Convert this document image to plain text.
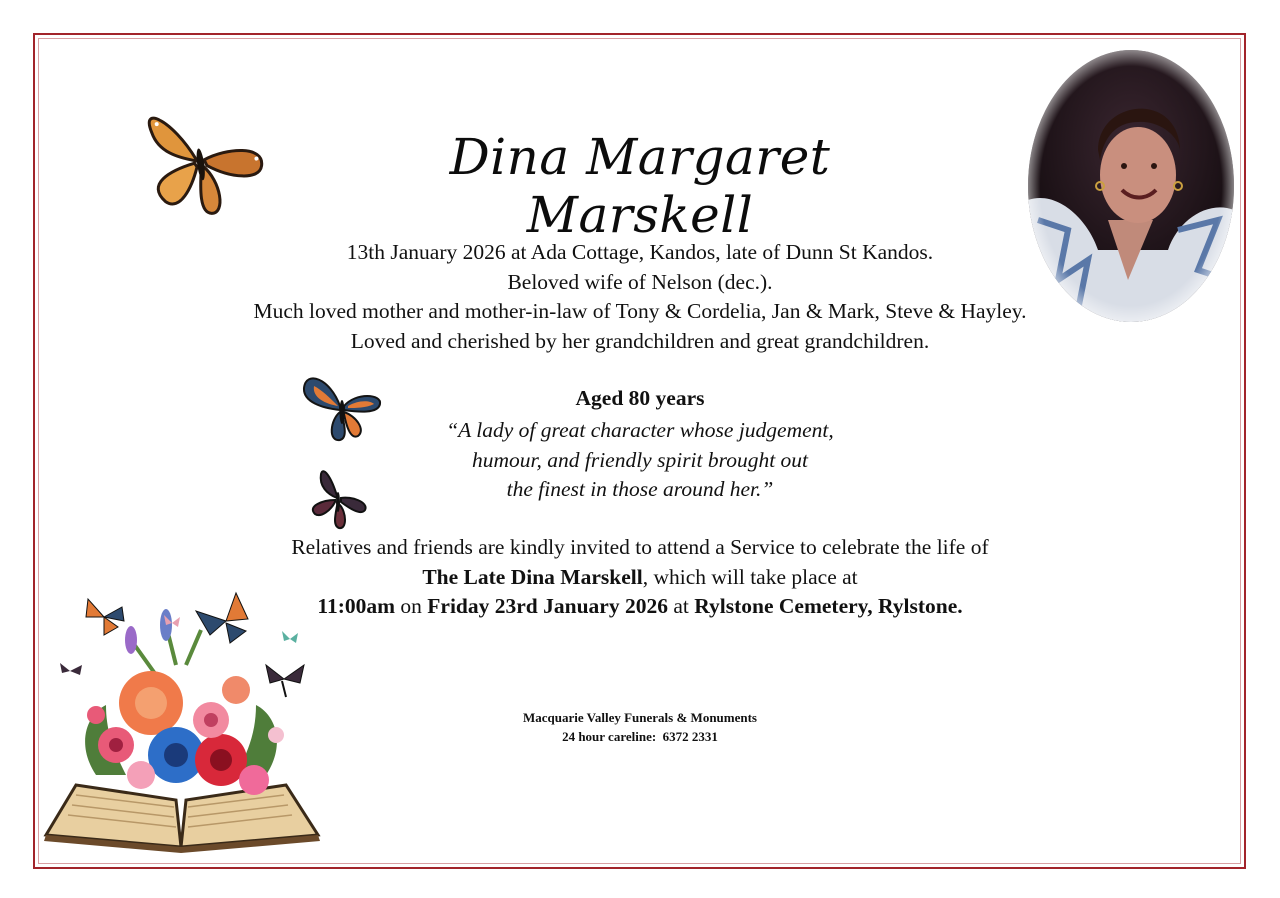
Dina Margaret Marskell
13th January 2026 at Ada Cottage, Kandos, late of Dunn St Kandos.
Beloved wife of Nelson (dec.).
Much loved mother and mother-in-law of Tony & Cordelia, Jan & Mark, Steve & Hayley.
Loved and cherished by her grandchildren and great grandchildren.
Aged 80 years
“A lady of great character whose judgement,
humour, and friendly spirit brought out
the finest in those around her.”
Relatives and friends are kindly invited to attend a Service to celebrate the life of
The Late Dina Marskell, which will take place at
11:00am on Friday 23rd January 2026 at Rylstone Cemetery, Rylstone.
Macquarie Valley Funerals & Monuments
24 hour careline:  6372 2331
